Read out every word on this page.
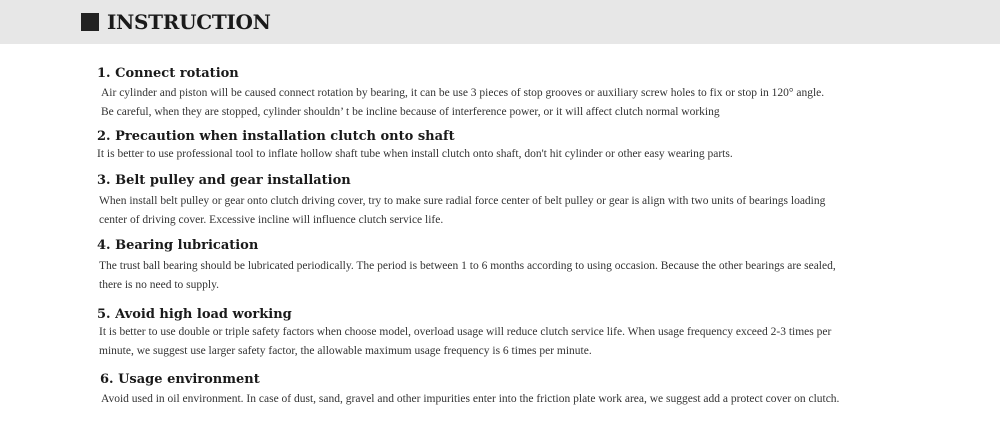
INSTRUCTION
1. Connect rotation
Air cylinder and piston will be caused connect rotation by bearing, it can be use 3 pieces of stop grooves or auxiliary screw holes to fix or stop in 120° angle.
Be careful, when they are stopped, cylinder shouldn’ t be incline because of interference power, or it will affect clutch normal working
2. Precaution when installation clutch onto shaft
It is better to use professional tool to inflate hollow shaft tube when install clutch onto shaft, don't hit cylinder or other easy wearing parts.
3. Belt pulley and gear installation
When install belt pulley or gear onto clutch driving cover, try to make sure radial force center of belt pulley or gear is align with two units of bearings loading
center of driving cover. Excessive incline will influence clutch service life.
4. Bearing lubrication
The trust ball bearing should be lubricated periodically. The period is between 1 to 6 months according to using occasion. Because the other bearings are sealed,
there is no need to supply.
5. Avoid high load working
It is better to use double or triple safety factors when choose model, overload usage will reduce clutch service life. When usage frequency exceed 2-3 times per
minute, we suggest use larger safety factor, the allowable maximum usage frequency is 6 times per minute.
6. Usage environment
Avoid used in oil environment. In case of dust, sand, gravel and other impurities enter into the friction plate work area, we suggest add a protect cover on clutch.
